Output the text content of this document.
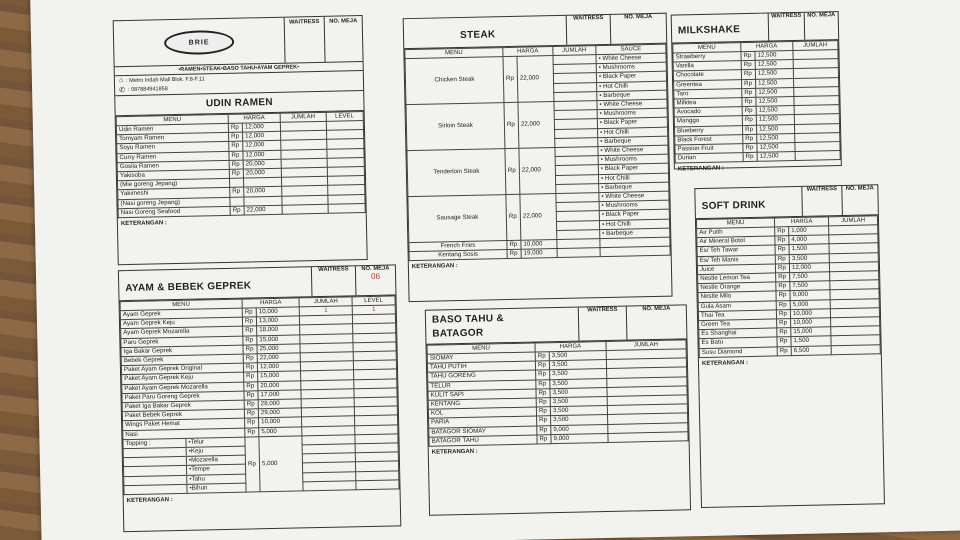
BRIE
WAITRESS	NO. MEJA
•RAMEN•STEAK•BASO TAHU•AYAM GEPREK•
⌂ : Metro Indah Mall Blok. F.8-F.11
✆ : 087884941858
UDIN RAMEN
MENU	HARGA		JUMLAH	LEVEL
Udin Ramen	Rp	12,000		
Tomyam Ramen	Rp	12,000		
Soyu Ramen	Rp	12,000		
Curry Ramen	Rp	12,000		
Gosila Ramen	Rp	20,000		
Yakisoba	Rp	20,000		
(Mie goreng Jepang)				
Yakimeshi	Rp	20,000		
(Nasi goreng Jepang)				
Nasi Goreng Seafood	Rp	22,000		
KETERANGAN :
AYAM & BEBEK GEPREK
WAITRESS	NO. MEJA
06
MENU	HARGA		JUMLAH	LEVEL
Ayam Geprek	Rp	10,000	1	1
Ayam Geprek Keju	Rp	13,000		
Ayam Geprek Mozarella	Rp	18,000		
Paru Geprek	Rp	15,000		
Iga Bakar Geprek	Rp	25,000		
Bebek Geprek	Rp	22,000		
Paket Ayam Geprek Original	Rp	12,000		
Paket Ayam Geprek Keju	Rp	15,000		
Paket Ayam Geprek Mozarella	Rp	20,000		
Paket Paru Goreng Geprek	Rp	17,000		
Paket Iga Bakar Geprek	Rp	28,000		
Paket Bebek Geprek	Rp	29,000		
Wings Paket Hemat	Rp	10,000		
Nasi	Rp	5,000		

Topping : •Telur	Rp	5,000		

•Keju				

•Mozarella				

•Tempe				

•Tahu				

•Bihun				

KETERANGAN :
STEAK
WAITRESS	NO. MEJA
MENU	HARGA		JUMLAH	SAUCE
Chicken Steak	Rp	22,000		• White Cheese
				• Mushrooms
				• Black Paper
				• Hot Chilli
				• Barbeque
Sirloin Steak	Rp	22,000		• White Cheese
				• Mushrooms
				• Black Paper
				• Hot Chilli
				• Barbeque
Tenderloin Steak	Rp	22,000		• White Cheese
				• Mushrooms
				• Black Paper
				• Hot Chilli
				• Barbeque
Sausage Steak	Rp	22,000		• White Cheese
				• Mushrooms
				• Black Paper
				• Hot Chilli
				• Barbeque
French Fries	Rp	10,000		
Kentang Sosis	Rp	19,000		
KETERANGAN :
BASO TAHU &
BATAGOR
WAITRESS	NO. MEJA
MENU	HARGA		JUMLAH
SIOMAY	Rp	3,500	
TAHU PUTIH	Rp	3,500	
TAHU GORENG	Rp	3,500	
TELUR	Rp	3,500	
KULIT SAPI	Rp	3,500	
KENTANG	Rp	3,500	
KOL	Rp	3,500	
PARIA	Rp	3,500	
BATAGOR SIOMAY	Rp	9,000	
BATAGOR TAHU	Rp	9,000	
KETERANGAN :
MILKSHAKE
WAITRESS NO. MEJA
MENU	HARGA		JUMLAH
Strawberry	Rp	12,500	
Vanilla	Rp	12,500	
Chocolate	Rp	12,500	
Greentea	Rp	12,500	
Taro	Rp	12,500	
Milktea	Rp	12,500	
Avocado	Rp	12,500	
Manggo	Rp	12,500	
Blueberry	Rp	12,500	
Black Forest	Rp	12,500	
Passion Fruit	Rp	12,500	
Durian	Rp	12,500	
KETERANGAN :
SOFT DRINK
WAITRESS	NO. MEJA
MENU	HARGA		JUMLAH
Air Putih	Rp	1,000	
Air Mineral Botol	Rp	4,000	
Es/ Teh Tawar	Rp	1,500	
Es/ Teh Manis	Rp	3,500	
Juice	Rp	12,000	
Nestle Lemon Tea	Rp	7,500	
Nestle Orange	Rp	7,500	
Nestle Milo	Rp	9,000	
Gula Asam	Rp	5,000	
Thai Tea	Rp	10,000	
Green Tea	Rp	10,000	
Es Shanghai	Rp	15,000	
Es Batu	Rp	1,500	
Susu Diamond	Rp	6,500	
KETERANGAN :
